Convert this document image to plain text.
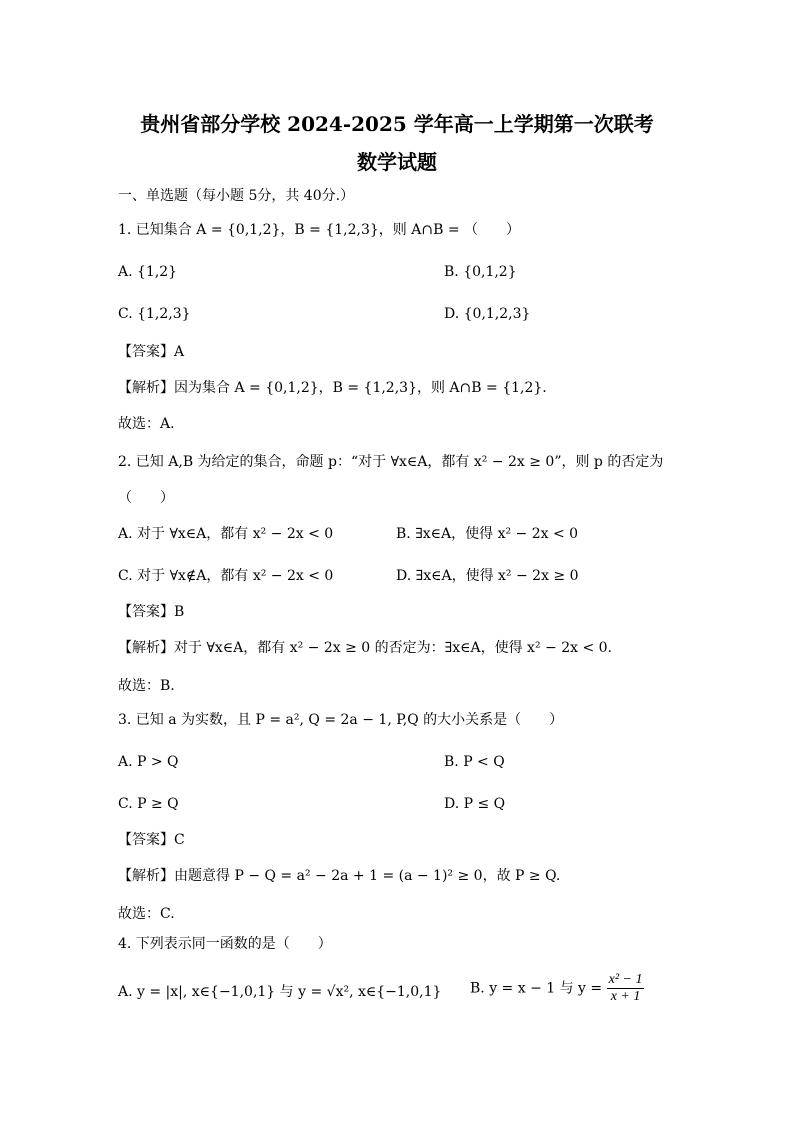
贵州省部分学校 2024-2025 学年高一上学期第一次联考
数学试题
一、单选题（每小题 5分，共 40分.）
1. 已知集合 A = {0,1,2}，B = {1,2,3}，则 A∩B = （　　）
A. {1,2}	B. {0,1,2}
C. {1,2,3}	D. {0,1,2,3}
【答案】A
【解析】因为集合 A = {0,1,2}，B = {1,2,3}，则 A∩B = {1,2}.
故选：A.
2. 已知 A,B 为给定的集合，命题 p：“对于 ∀x∈A，都有 x² − 2x ≥ 0”，则 p 的否定为
（　　）
A. 对于 ∀x∈A，都有 x² − 2x < 0	B. ∃x∈A，使得 x² − 2x < 0
C. 对于 ∀x∉A，都有 x² − 2x < 0	D. ∃x∈A，使得 x² − 2x ≥ 0
【答案】B
【解析】对于 ∀x∈A，都有 x² − 2x ≥ 0 的否定为：∃x∈A，使得 x² − 2x < 0.
故选：B.
3. 已知 a 为实数，且 P = a², Q = 2a − 1, P,Q 的大小关系是（　　）
A. P > Q	B. P < Q
C. P ≥ Q	D. P ≤ Q
【答案】C
【解析】由题意得 P − Q = a² − 2a + 1 = (a − 1)² ≥ 0，故 P ≥ Q.
故选：C.
4. 下列表示同一函数的是（　　）
A. y = |x|, x∈{−1,0,1} 与 y = √x², x∈{−1,0,1} B. y = x − 1 与 $y = \frac{\text{x² − 1}}{x + 1}$
